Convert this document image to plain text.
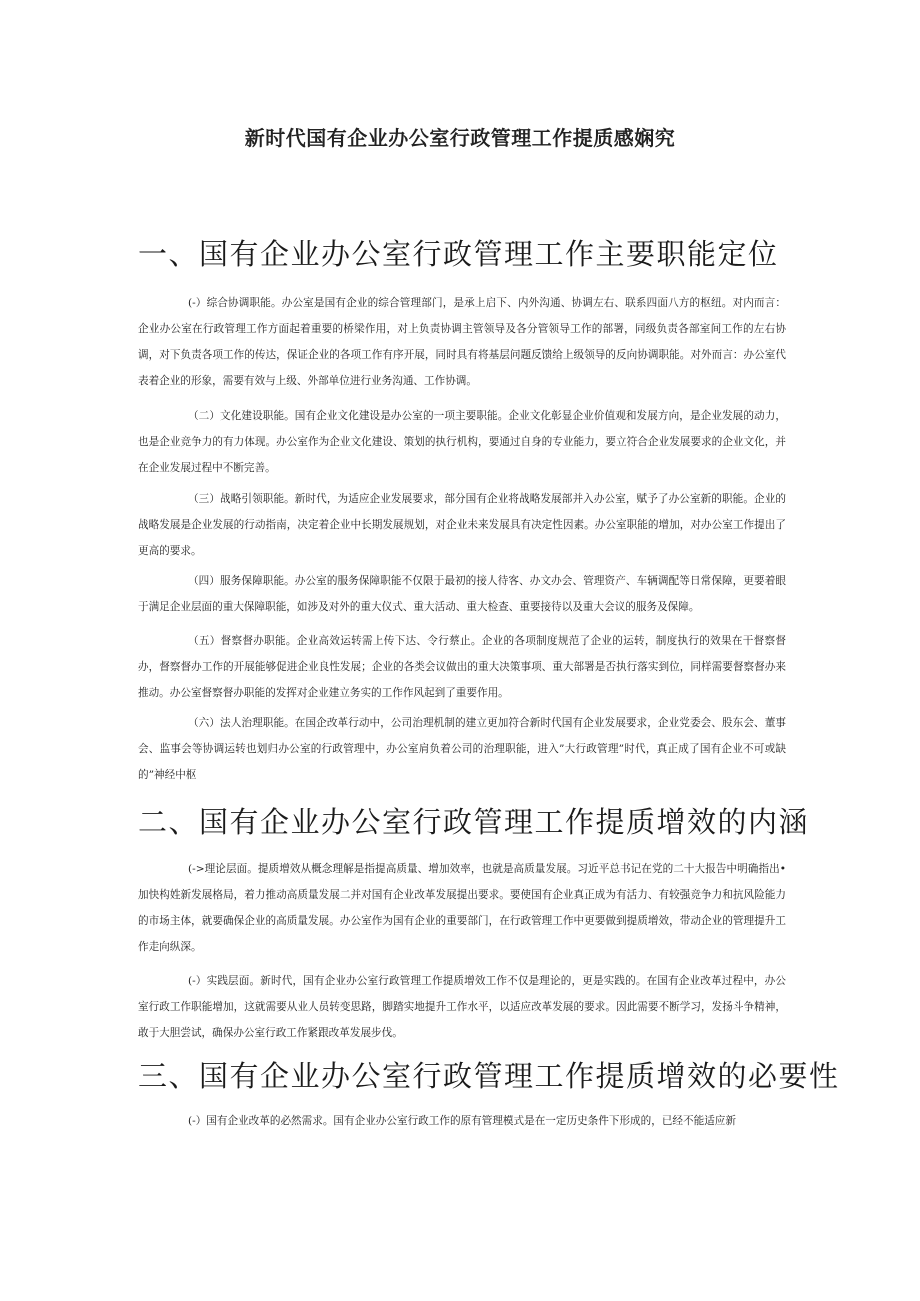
新时代国有企业办公室行政管理工作提质感娴究
一、国有企业办公室行政管理工作主要职能定位

(-）综合协调职能。办公室是国有企业的综合管理部门，是承上启下、内外沟通、协调左右、联系四面八方的枢纽。对内而言：企业办公室在行政管理工作方面起着重要的桥梁作用，对上负责协调主管领导及各分管领导工作的部署，同级负责各部室间工作的左右协调，对下负责各项工作的传达，保证企业的各项工作有序开展，同时具有将基层问题反馈给上级领导的反向协调职能。对外而言：办公室代表着企业的形象，需要有效与上级、外部单位进行业务沟通、工作协调。

（二）文化建设职能。国有企业文化建设是办公室的一项主要职能。企业文化彰显企业价值观和发展方向，是企业发展的动力，也是企业竞争力的有力体现。办公室作为企业文化建设、策划的执行机构，要通过自身的专业能力，要立符合企业发展要求的企业文化，并在企业发展过程中不断完善。

（三）战略引领职能。新时代，为适应企业发展要求，部分国有企业将战略发展部并入办公室，赋予了办公室新的职能。企业的战略发展是企业发展的行动指南，决定着企业中长期发展规划，对企业未来发展具有决定性因素。办公室职能的增加，对办公室工作提出了更高的要求。

（四）服务保障职能。办公室的服务保障职能不仅限于最初的接人待客、办文办会、管理资产、车辆调配等日常保障，更要着眼于满足企业层面的重大保障职能，如涉及对外的重大仪式、重大活动、重大检查、重要接待以及重大会议的服务及保障。

（五）督察督办职能。企业高效运转需上传下达、令行蔡止。企业的各项制度规范了企业的运转，制度执行的效果在干督察督办，督察督办工作的开展能够促进企业良性发展；企业的各类会议做出的重大决策事项、重大部署是否执行落实到位，同样需要督察督办来推动。办公室督察督办职能的发挥对企业建立务实的工作作风起到了重要作用。

（六）法人治理职能。在国企改革行动中，公司治理机制的建立更加符合新时代国有企业发展要求，企业党委会、股东会、董事会、监事会等协调运转也划归办公室的行政管理中，办公室肩负着公司的治理职能，进入”大行政管理”时代，真正成了国有企业不可或缺的”神经中枢

二、国有企业办公室行政管理工作提质增效的内涵

(->理论层面。提质增效从概念理解是指提高质量、增加效率，也就是高质量发展。习近平总书记在党的二十大报告中明确指出•加快构姓新发展格局，着力推动高质量发展二并对国有企业改革发展提出要求。要使国有企业真正成为有活力、有较强竞争力和抗风险能力的市场主体，就要确保企业的高质量发展。办公室作为国有企业的重要部门，在行政管理工作中更要做到提质增效，带动企业的管理提升工作走向纵深。

(-）实践层面。新时代，国有企业办公室行政管理工作提质增效工作不仅是理论的，更是实践的。在国有企业改革过程中，办公室行政工作职能增加，这就需要从业人员转变思路，脚踏实地提升工作水平，以适应改革发展的要求。因此需要不断学习，发扬斗争精神，敢于大胆尝试，确保办公室行政工作紧跟改革发展步伐。

三、国有企业办公室行政管理工作提质增效的必要性

(-）国有企业改革的必然需求。国有企业办公室行政工作的原有管理模式是在一定历史条件下形成的，已经不能适应新
